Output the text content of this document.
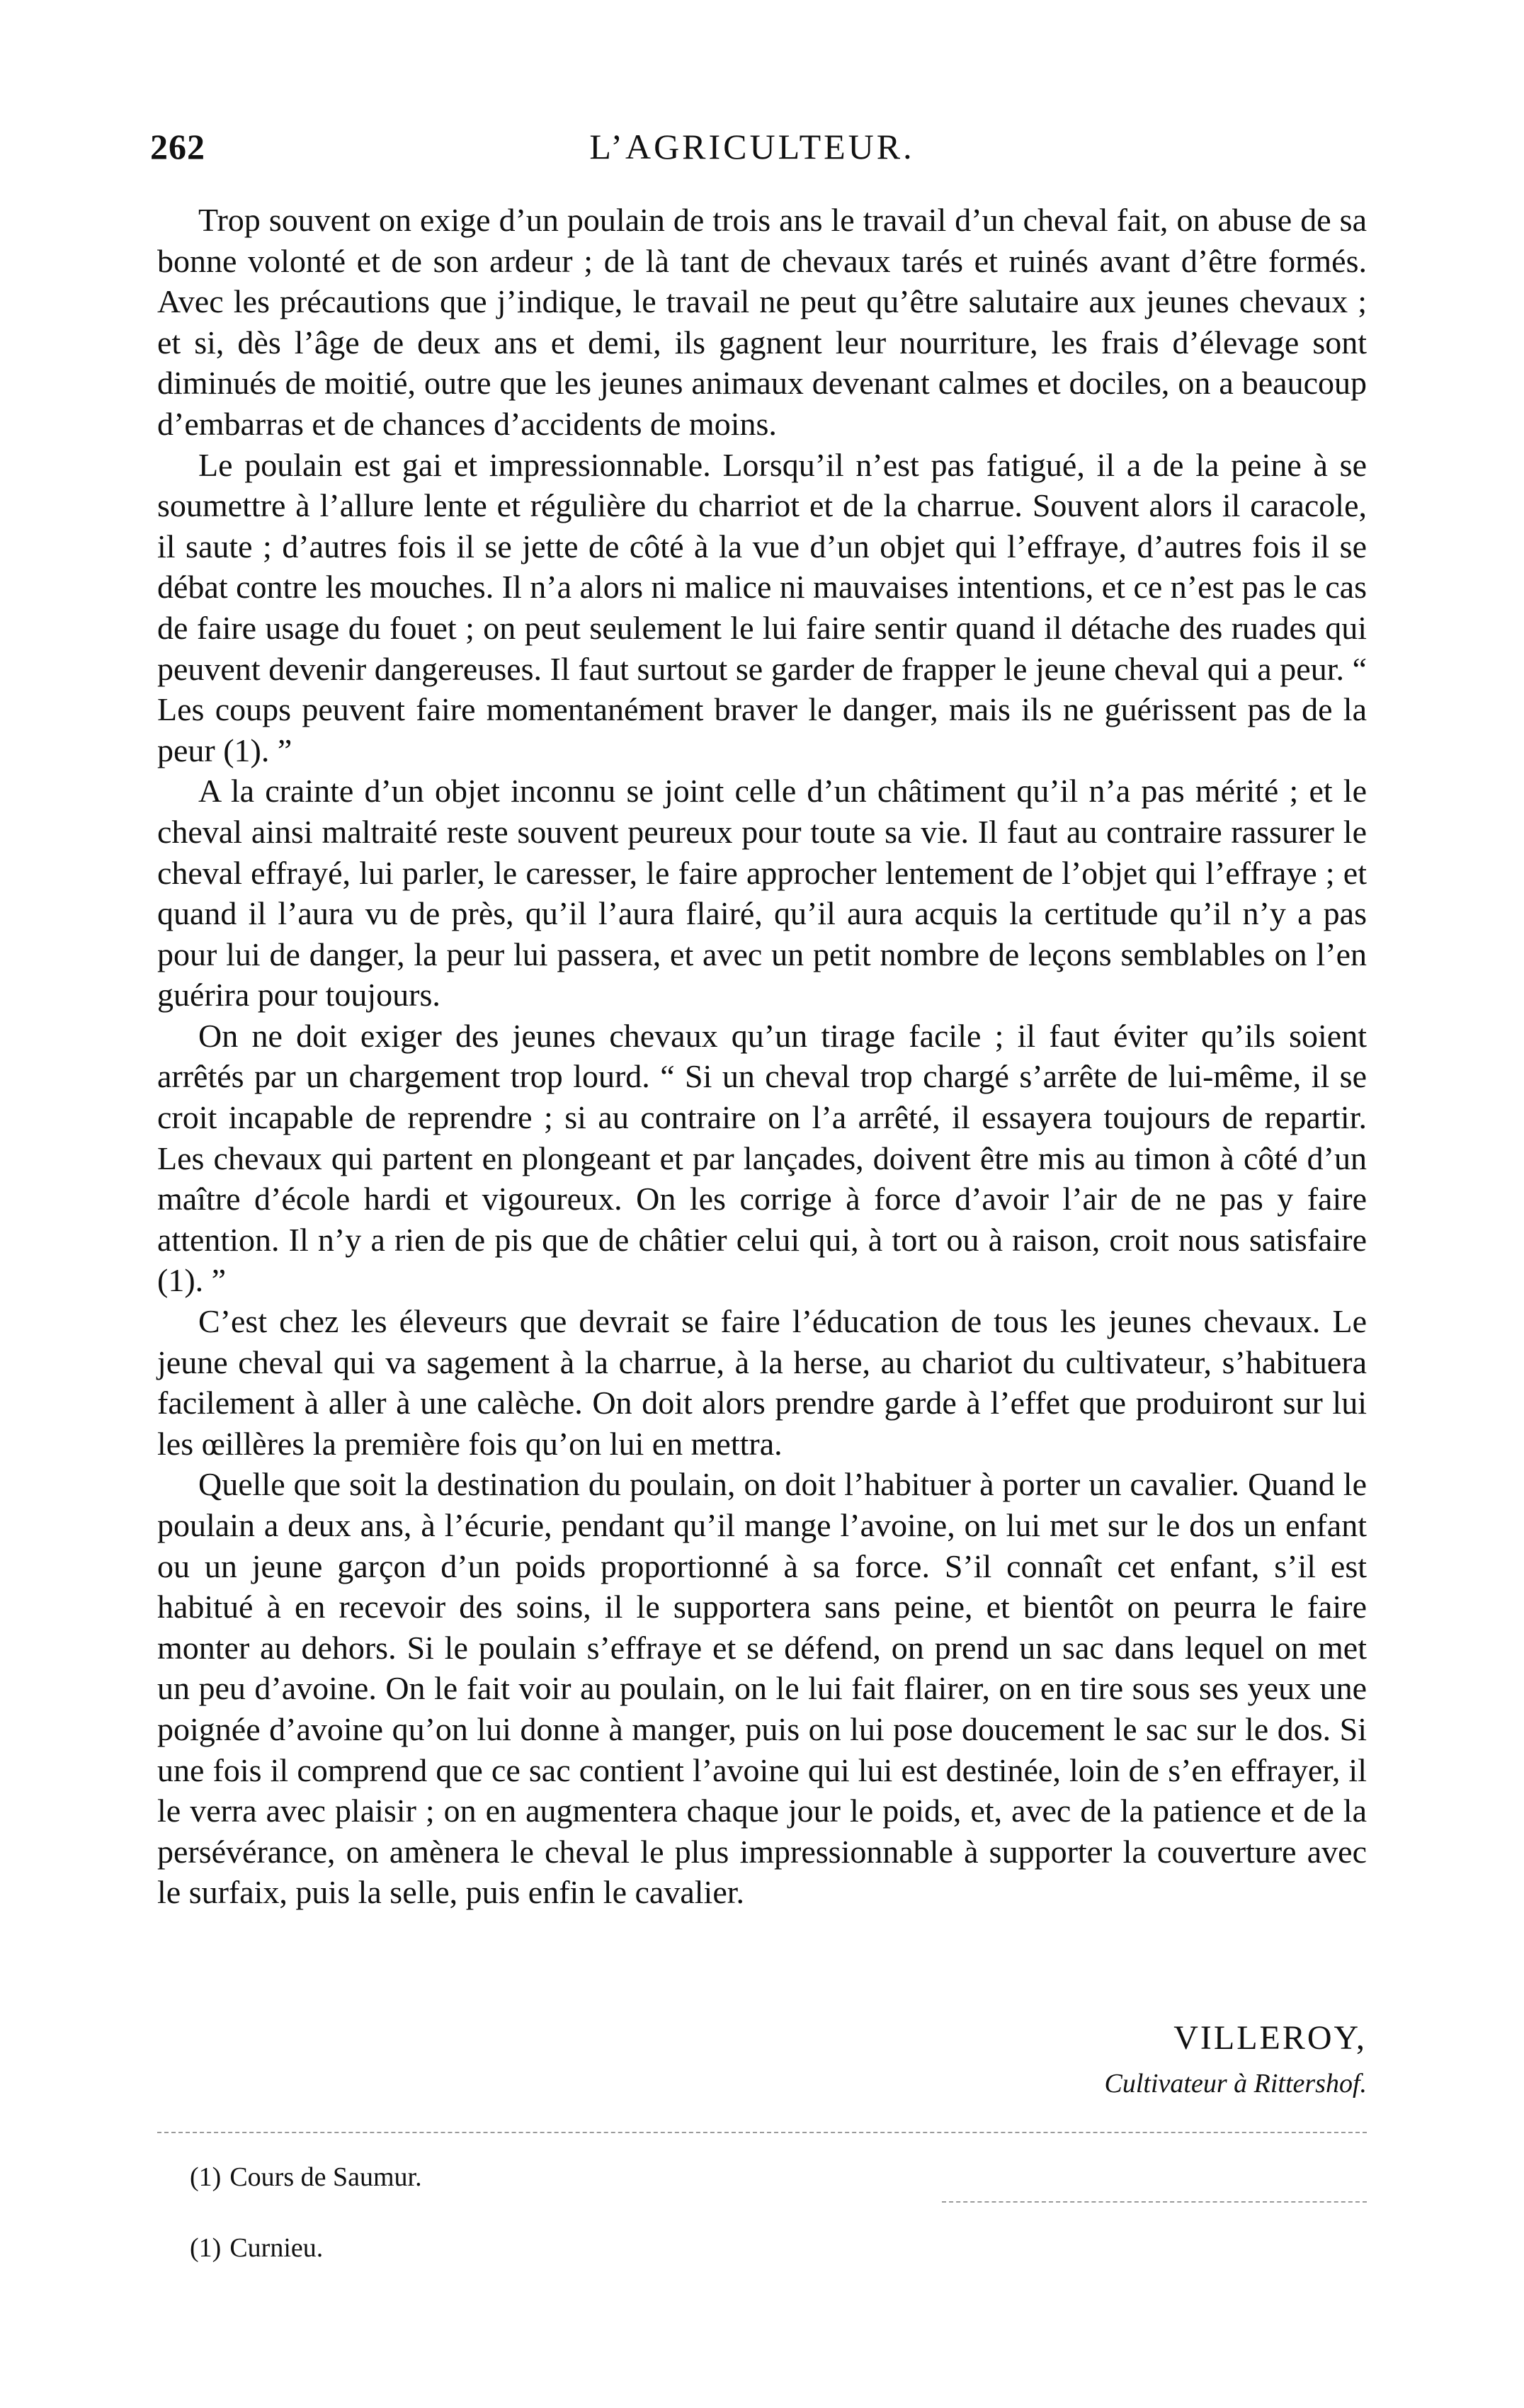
262	L’AGRICULTEUR.

Trop souvent on exige d’un poulain de trois ans le travail d’un cheval fait, on abuse de sa bonne volonté et de son ardeur ; de là tant de chevaux tarés et ruinés avant d’être formés. Avec les précautions que j’indique, le travail ne peut qu’être salutaire aux jeunes chevaux ; et si, dès l’âge de deux ans et demi, ils gagnent leur nourriture, les frais d’élevage sont diminués de moitié, outre que les jeunes animaux devenant calmes et dociles, on a beaucoup d’embarras et de chances d’accidents de moins.

Le poulain est gai et impressionnable. Lorsqu’il n’est pas fatigué, il a de la peine à se soumettre à l’allure lente et régulière du charriot et de la charrue. Souvent alors il caracole, il saute ; d’autres fois il se jette de côté à la vue d’un objet qui l’effraye, d’autres fois il se débat contre les mouches. Il n’a alors ni malice ni mauvaises intentions, et ce n’est pas le cas de faire usage du fouet ; on peut seulement le lui faire sentir quand il détache des ruades qui peuvent devenir dangereuses. Il faut surtout se garder de frapper le jeune cheval qui a peur. “ Les coups peuvent faire momentanément braver le danger, mais ils ne guérissent pas de la peur (1). ”

A la crainte d’un objet inconnu se joint celle d’un châtiment qu’il n’a pas mérité ; et le cheval ainsi maltraité reste souvent peureux pour toute sa vie. Il faut au contraire rassurer le cheval effrayé, lui parler, le caresser, le faire approcher lentement de l’objet qui l’effraye ; et quand il l’aura vu de près, qu’il l’aura flairé, qu’il aura acquis la certitude qu’il n’y a pas pour lui de danger, la peur lui passera, et avec un petit nombre de leçons semblables on l’en guérira pour toujours.

On ne doit exiger des jeunes chevaux qu’un tirage facile ; il faut éviter qu’ils soient arrêtés par un chargement trop lourd. “ Si un cheval trop chargé s’arrête de lui-même, il se croit incapable de reprendre ; si au contraire on l’a arrêté, il essayera toujours de repartir. Les chevaux qui partent en plongeant et par lançades, doivent être mis au timon à côté d’un maître d’école hardi et vigoureux. On les corrige à force d’avoir l’air de ne pas y faire attention. Il n’y a rien de pis que de châtier celui qui, à tort ou à raison, croit nous satisfaire (1). ”

C’est chez les éleveurs que devrait se faire l’éducation de tous les jeunes chevaux. Le jeune cheval qui va sagement à la charrue, à la herse, au chariot du cultivateur, s’habituera facilement à aller à une calèche. On doit alors prendre garde à l’effet que produiront sur lui les œillères la première fois qu’on lui en mettra.

Quelle que soit la destination du poulain, on doit l’habituer à porter un cavalier. Quand le poulain a deux ans, à l’écurie, pendant qu’il mange l’avoine, on lui met sur le dos un enfant ou un jeune garçon d’un poids proportionné à sa force. S’il connaît cet enfant, s’il est habitué à en recevoir des soins, il le supportera sans peine, et bientôt on peurra le faire monter au dehors. Si le poulain s’effraye et se défend, on prend un sac dans lequel on met un peu d’avoine. On le fait voir au poulain, on le lui fait flairer, on en tire sous ses yeux une poignée d’avoine qu’on lui donne à manger, puis on lui pose doucement le sac sur le dos. Si une fois il comprend que ce sac contient l’avoine qui lui est destinée, loin de s’en effrayer, il le verra avec plaisir ; on en augmentera chaque jour le poids, et, avec de la patience et de la persévérance, on amènera le cheval le plus impressionnable à supporter la couverture avec le surfaix, puis la selle, puis enfin le cavalier.

VILLEROY,
Cultivateur à Rittershof.
(1) Cours de Saumur.
(1) Curnieu.
